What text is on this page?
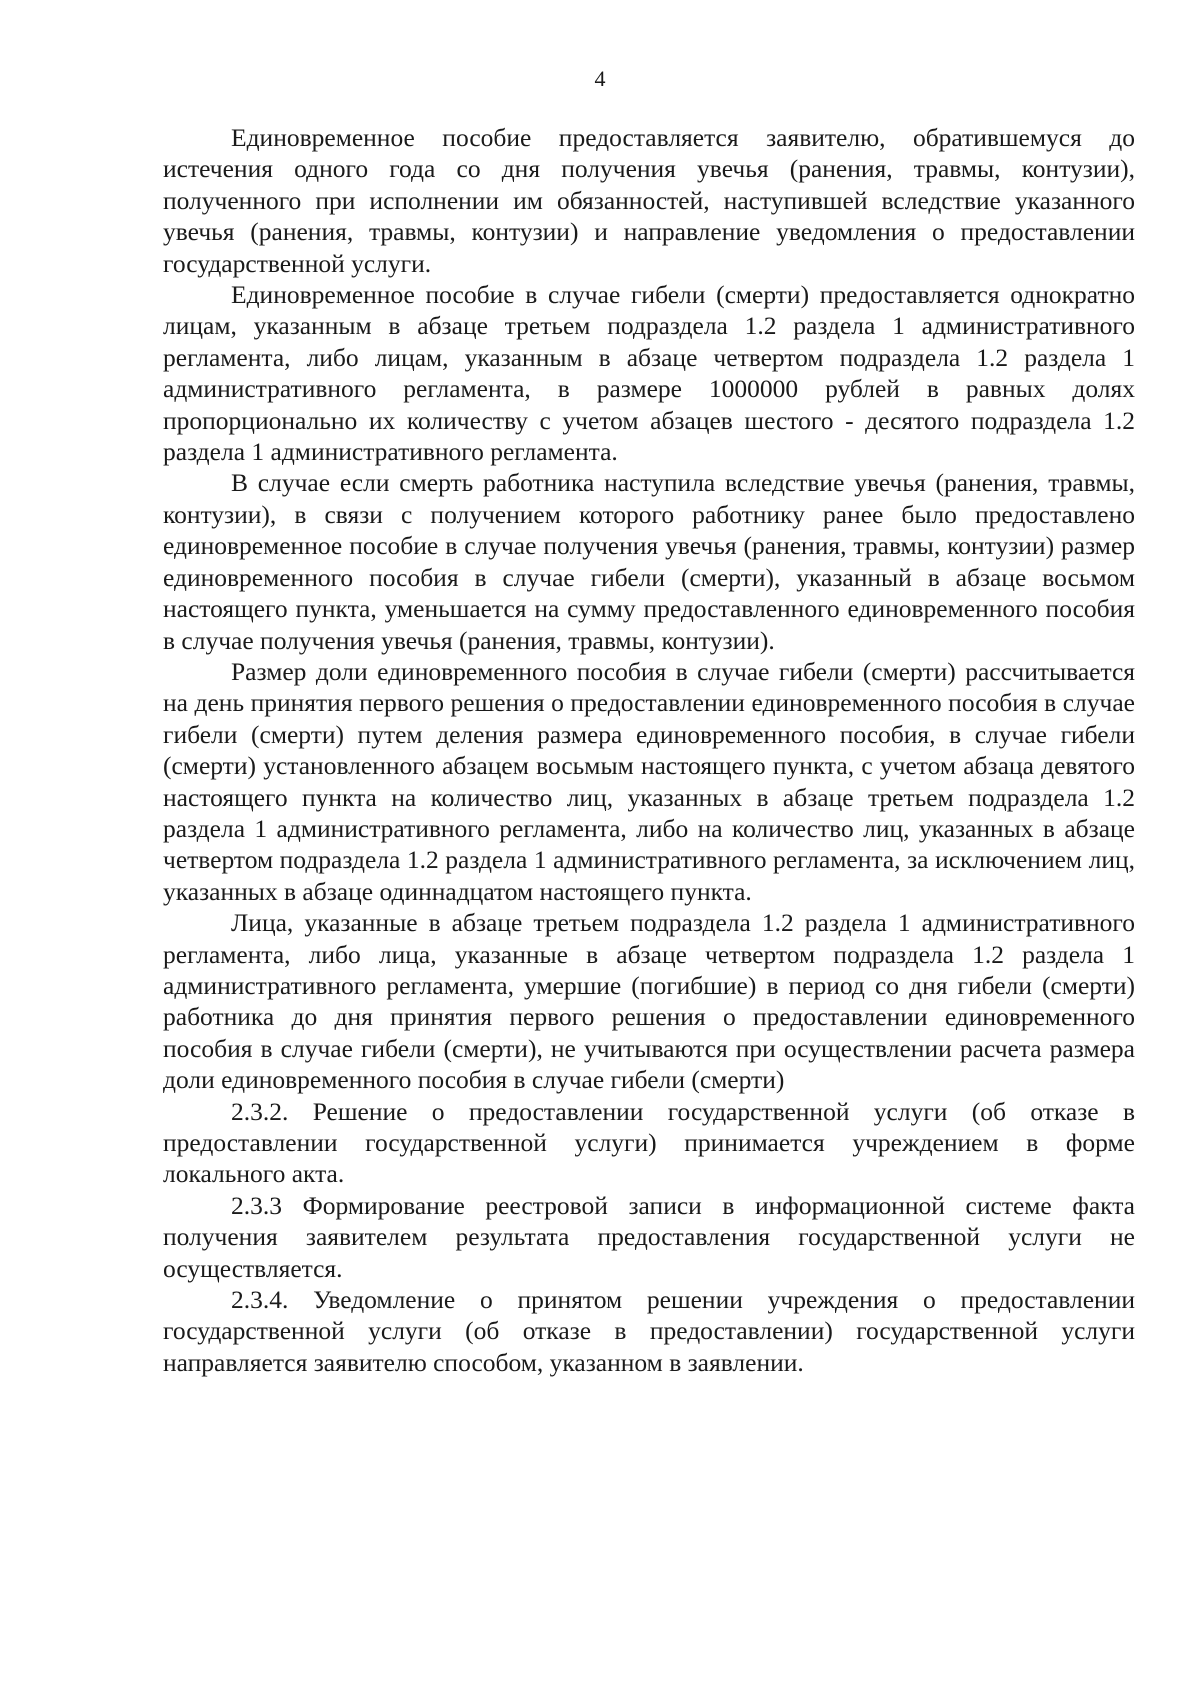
4

Единовременное пособие предоставляется заявителю, обратившемуся до истечения одного года со дня получения увечья (ранения, травмы, контузии), полученного при исполнении им обязанностей, наступившей вследствие указанного увечья (ранения, травмы, контузии) и направление уведомления о предоставлении государственной услуги.

Единовременное пособие в случае гибели (смерти) предоставляется однократно лицам, указанным в абзаце третьем подраздела 1.2 раздела 1 административного регламента, либо лицам, указанным в абзаце четвертом подраздела 1.2 раздела 1 административного регламента, в размере 1000000 рублей в равных долях пропорционально их количеству с учетом абзацев шестого - десятого подраздела 1.2 раздела 1 административного регламента.

В случае если смерть работника наступила вследствие увечья (ранения, травмы, контузии), в связи с получением которого работнику ранее было предоставлено единовременное пособие в случае получения увечья (ранения, травмы, контузии) размер единовременного пособия в случае гибели (смерти), указанный в абзаце восьмом настоящего пункта, уменьшается на сумму предоставленного единовременного пособия в случае получения увечья (ранения, травмы, контузии).

Размер доли единовременного пособия в случае гибели (смерти) рассчитывается на день принятия первого решения о предоставлении единовременного пособия в случае гибели (смерти) путем деления размера единовременного пособия, в случае гибели (смерти) установленного абзацем восьмым настоящего пункта, с учетом абзаца девятого настоящего пункта на количество лиц, указанных в абзаце третьем подраздела 1.2 раздела 1 административного регламента, либо на количество лиц, указанных в абзаце четвертом подраздела 1.2 раздела 1 административного регламента, за исключением лиц, указанных в абзаце одиннадцатом настоящего пункта.

Лица, указанные в абзаце третьем подраздела 1.2 раздела 1 административного регламента, либо лица, указанные в абзаце четвертом подраздела 1.2 раздела 1 административного регламента, умершие (погибшие) в период со дня гибели (смерти) работника до дня принятия первого решения о предоставлении единовременного пособия в случае гибели (смерти), не учитываются при осуществлении расчета размера доли единовременного пособия в случае гибели (смерти)

2.3.2. Решение о предоставлении государственной услуги (об отказе в предоставлении государственной услуги) принимается учреждением в форме локального акта.

2.3.3 Формирование реестровой записи в информационной системе факта получения заявителем результата предоставления государственной услуги не осуществляется.

2.3.4. Уведомление о принятом решении учреждения о предоставлении государственной услуги (об отказе в предоставлении) государственной услуги направляется заявителю способом, указанном в заявлении.
